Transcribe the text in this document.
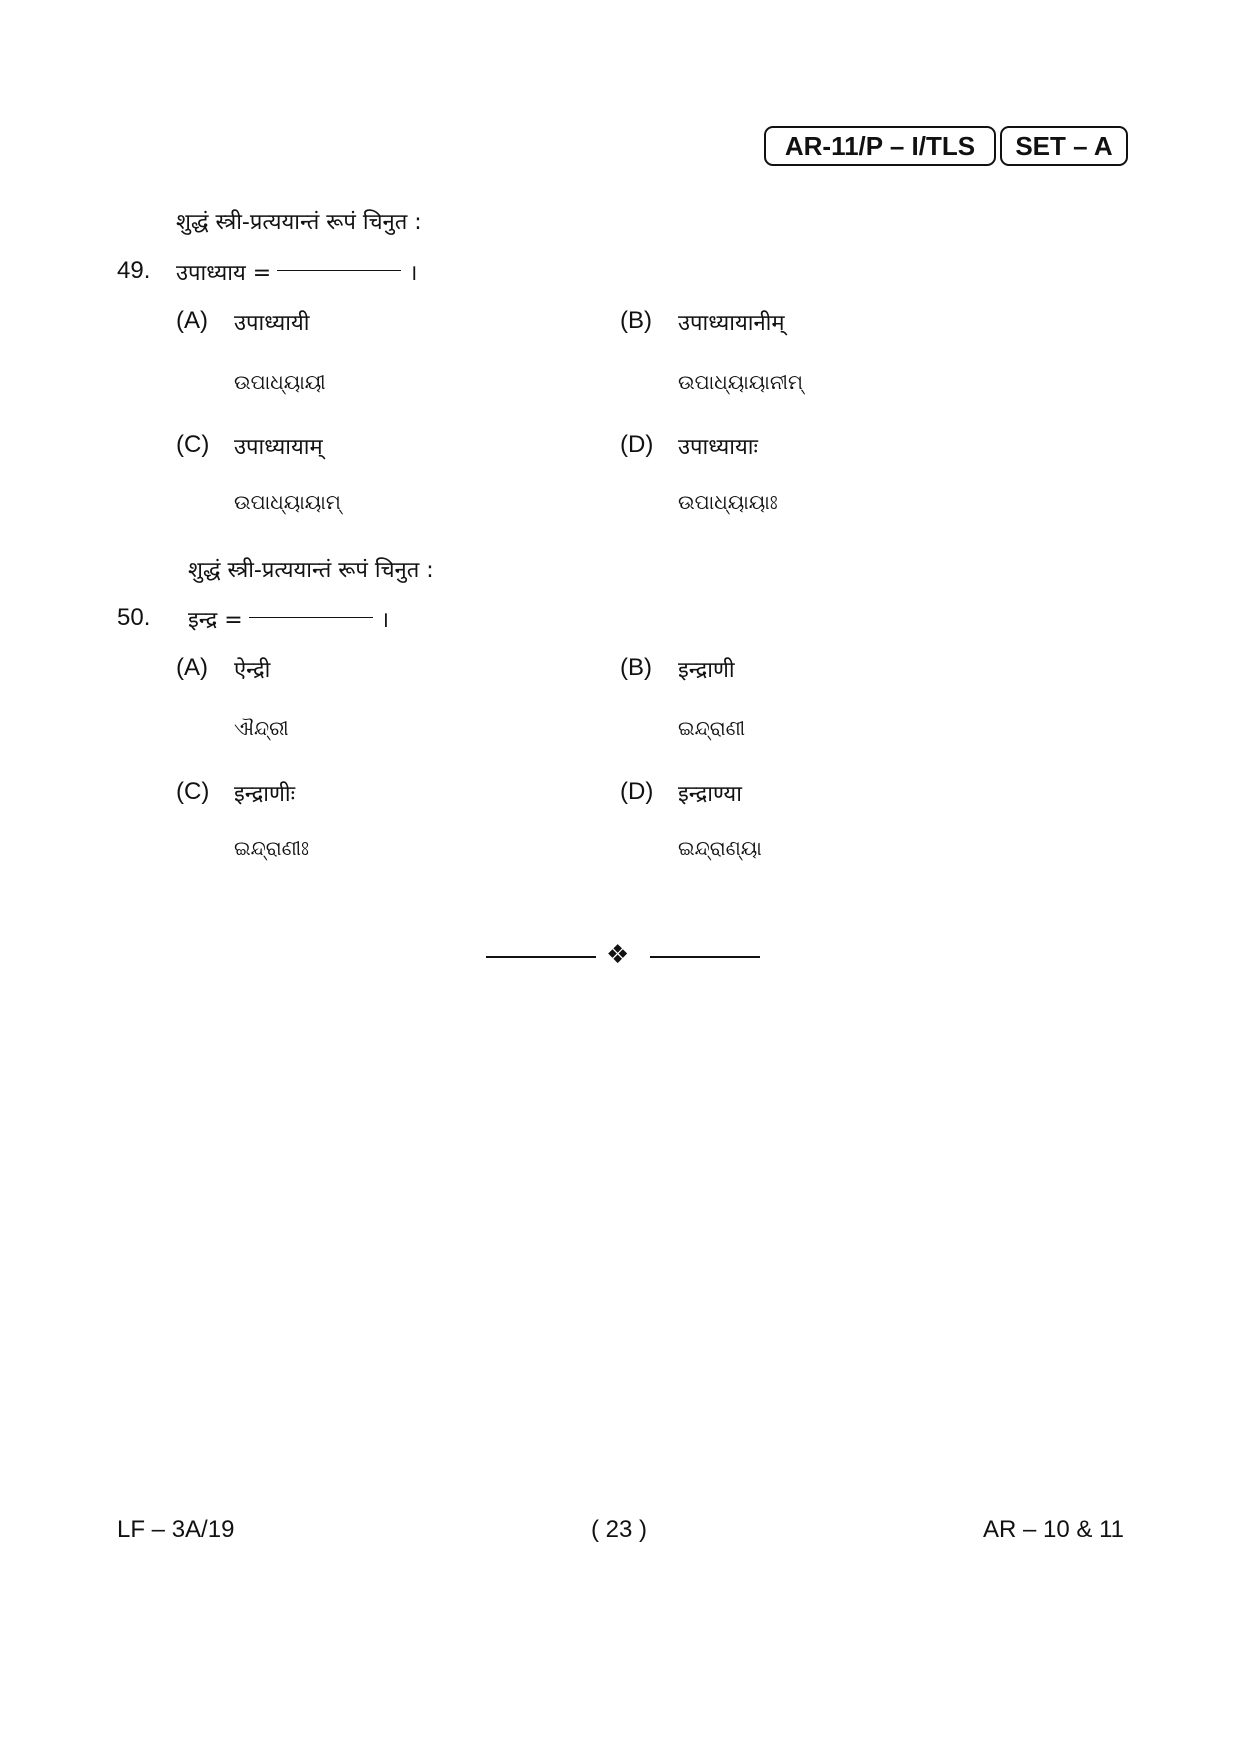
AR-11/P – I/TLS	SET – A
शुद्धं स्त्री-प्रत्ययान्तं रूपं चिनुत :
49. उपाध्याय =	।
(A) उपाध्यायी
ଉପାଧ୍ୟାୟୀ
(B) उपाध्यायानीम्
ଉପାଧ୍ୟାୟାନୀମ୍
(C) उपाध्यायाम्
ଉପାଧ୍ୟାୟାମ୍
(D) उपाध्यायाः
ଉପାଧ୍ୟାୟାଃ
शुद्धं स्त्री-प्रत्ययान्तं रूपं चिनुत :
50. इन्द्र =	।
(A) ऐन्द्री
ଐନ୍ଦ୍ରୀ
(B) इन्द्राणी
ଇନ୍ଦ୍ରାଣୀ
(C) इन्द्राणीः
ଇନ୍ଦ୍ରାଣୀଃ
(D) इन्द्राण्या
ଇନ୍ଦ୍ରାଣ୍ୟା
❖
LF – 3A/19	( 23 )	AR – 10 & 11
